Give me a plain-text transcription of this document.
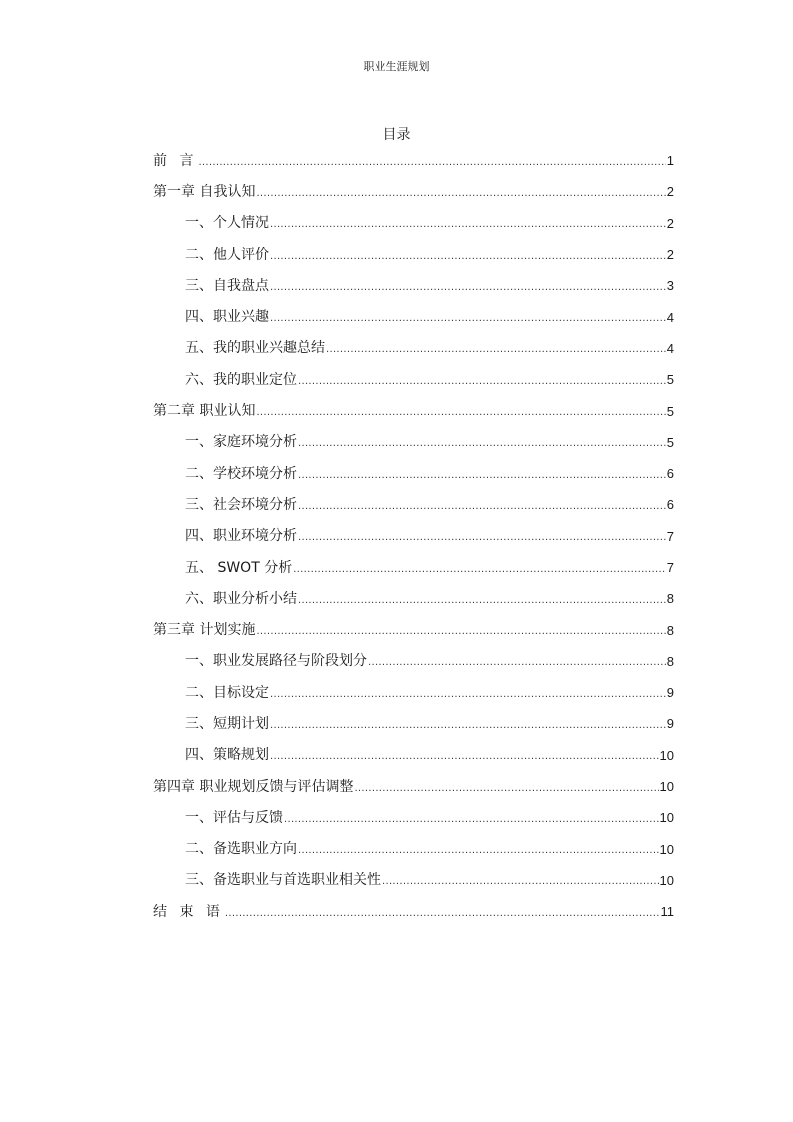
职业生涯规划
目录
前 言 .....	1
第一章 自我认知 .....	2
一、个人情况 .....	2
二、他人评价 .....	2
三、自我盘点 .....	3
四、职业兴趣 .....	4
五、我的职业兴趣总结 .....	4
六、我的职业定位 .....	5
第二章 职业认知 .....	5
一、家庭环境分析 .....	5
二、学校环境分析 .....	6
三、社会环境分析 .....	6
四、职业环境分析 .....	7
五、 SWOT 分析 .....	7
六、职业分析小结 .....	8
第三章 计划实施 .....	8
一、职业发展路径与阶段划分 .....	8
二、目标设定 .....	9
三、短期计划 .....	9
四、策略规划 .....	10
第四章 职业规划反馈与评估调整 .....	10
一、评估与反馈 .....	10
二、备选职业方向 .....	10
三、备选职业与首选职业相关性 .....	10
结 束 语 .....	11
